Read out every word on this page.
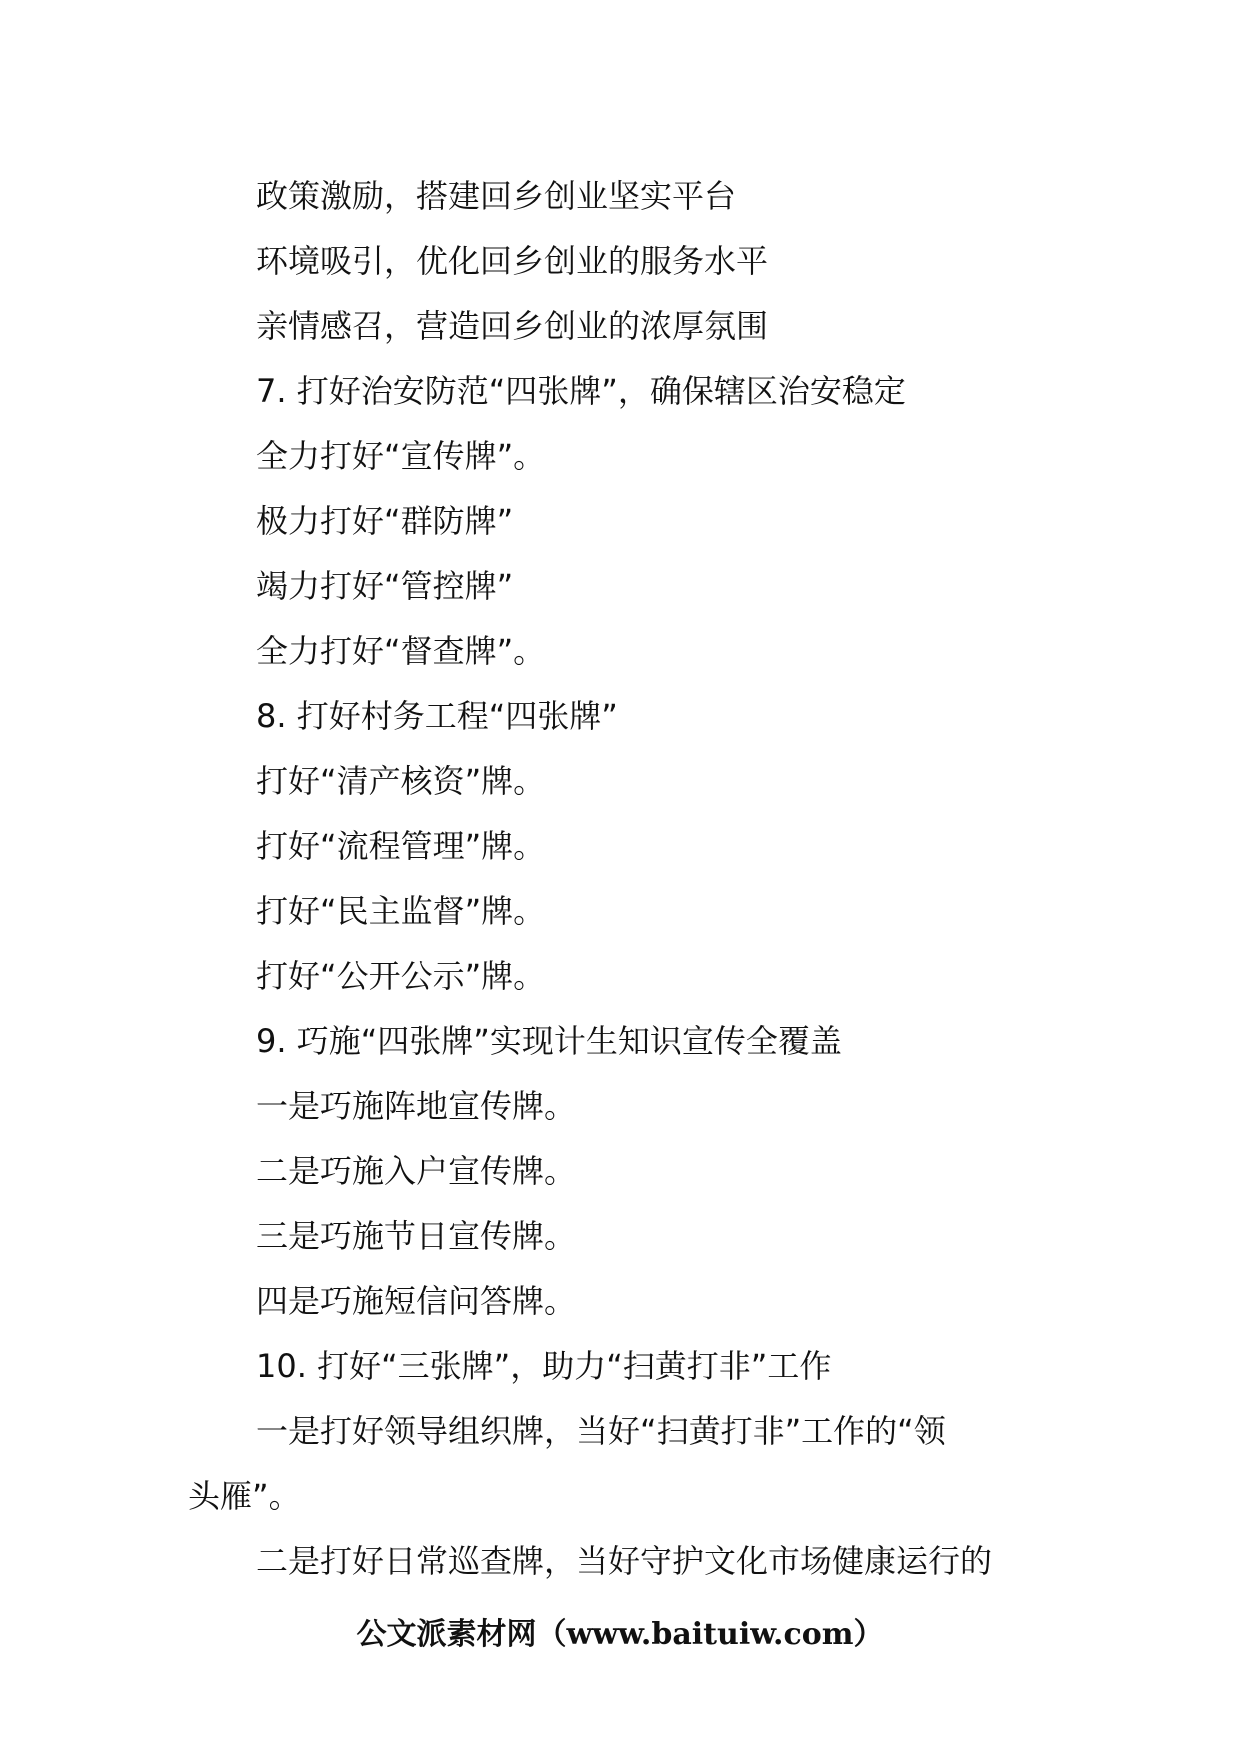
政策激励，搭建回乡创业坚实平台
环境吸引，优化回乡创业的服务水平
亲情感召，营造回乡创业的浓厚氛围
7. 打好治安防范“四张牌”，确保辖区治安稳定
全力打好“宣传牌”。
极力打好“群防牌”
竭力打好“管控牌”
全力打好“督查牌”。
8. 打好村务工程“四张牌”
打好“清产核资”牌。
打好“流程管理”牌。
打好“民主监督”牌。
打好“公开公示”牌。
9. 巧施“四张牌”实现计生知识宣传全覆盖
一是巧施阵地宣传牌。
二是巧施入户宣传牌。
三是巧施节日宣传牌。
四是巧施短信问答牌。
10. 打好“三张牌”，助力“扫黄打非”工作
一是打好领导组织牌，当好“扫黄打非”工作的“领
头雁”。
二是打好日常巡查牌，当好守护文化市场健康运行的
公文派素材网（www.baituiw.com）
